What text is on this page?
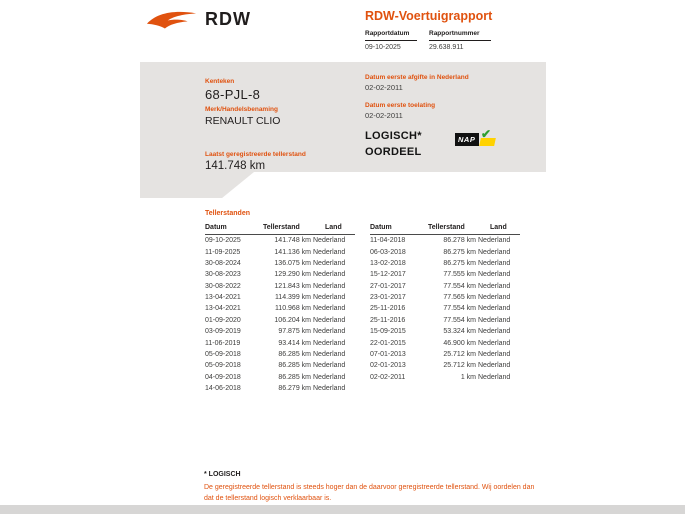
RDW	RDW-Voertuigrapport
Rapportdatum
09-10-2025
Rapportnummer
29.638.911
Kenteken
68-PJL-8
Merk/Handelsbenaming
RENAULT CLIO
Laatst geregistreerde tellerstand
141.748 km
Datum eerste afgifte in Nederland
02-02-2011
Datum eerste toelating
02-02-2011
LOGISCH*
OORDEEL
NAP ✔
Tellerstanden
Datum	Tellerstand	Land
09-10-2025	141.748 km	Nederland
11-09-2025	141.136 km	Nederland
30-08-2024	136.075 km	Nederland
30-08-2023	129.290 km	Nederland
30-08-2022	121.843 km	Nederland
13-04-2021	114.399 km	Nederland
13-04-2021	110.968 km	Nederland
01-09-2020	106.204 km	Nederland
03-09-2019	97.875 km	Nederland
11-06-2019	93.414 km	Nederland
05-09-2018	86.285 km	Nederland
05-09-2018	86.285 km	Nederland
04-09-2018	86.285 km	Nederland
14-06-2018	86.279 km	Nederland
Datum	Tellerstand	Land
11-04-2018	86.278 km	Nederland
06-03-2018	86.275 km	Nederland
13-02-2018	86.275 km	Nederland
15-12-2017	77.555 km	Nederland
27-01-2017	77.554 km	Nederland
23-01-2017	77.565 km	Nederland
25-11-2016	77.554 km	Nederland
25-11-2016	77.554 km	Nederland
15-09-2015	53.324 km	Nederland
22-01-2015	46.900 km	Nederland
07-01-2013	25.712 km	Nederland
02-01-2013	25.712 km	Nederland
02-02-2011	1 km	Nederland
* LOGISCH

De geregistreerde tellerstand is steeds hoger dan de daarvoor geregistreerde tellerstand. Wij oordelen dan dat de tellerstand logisch verklaarbaar is.
